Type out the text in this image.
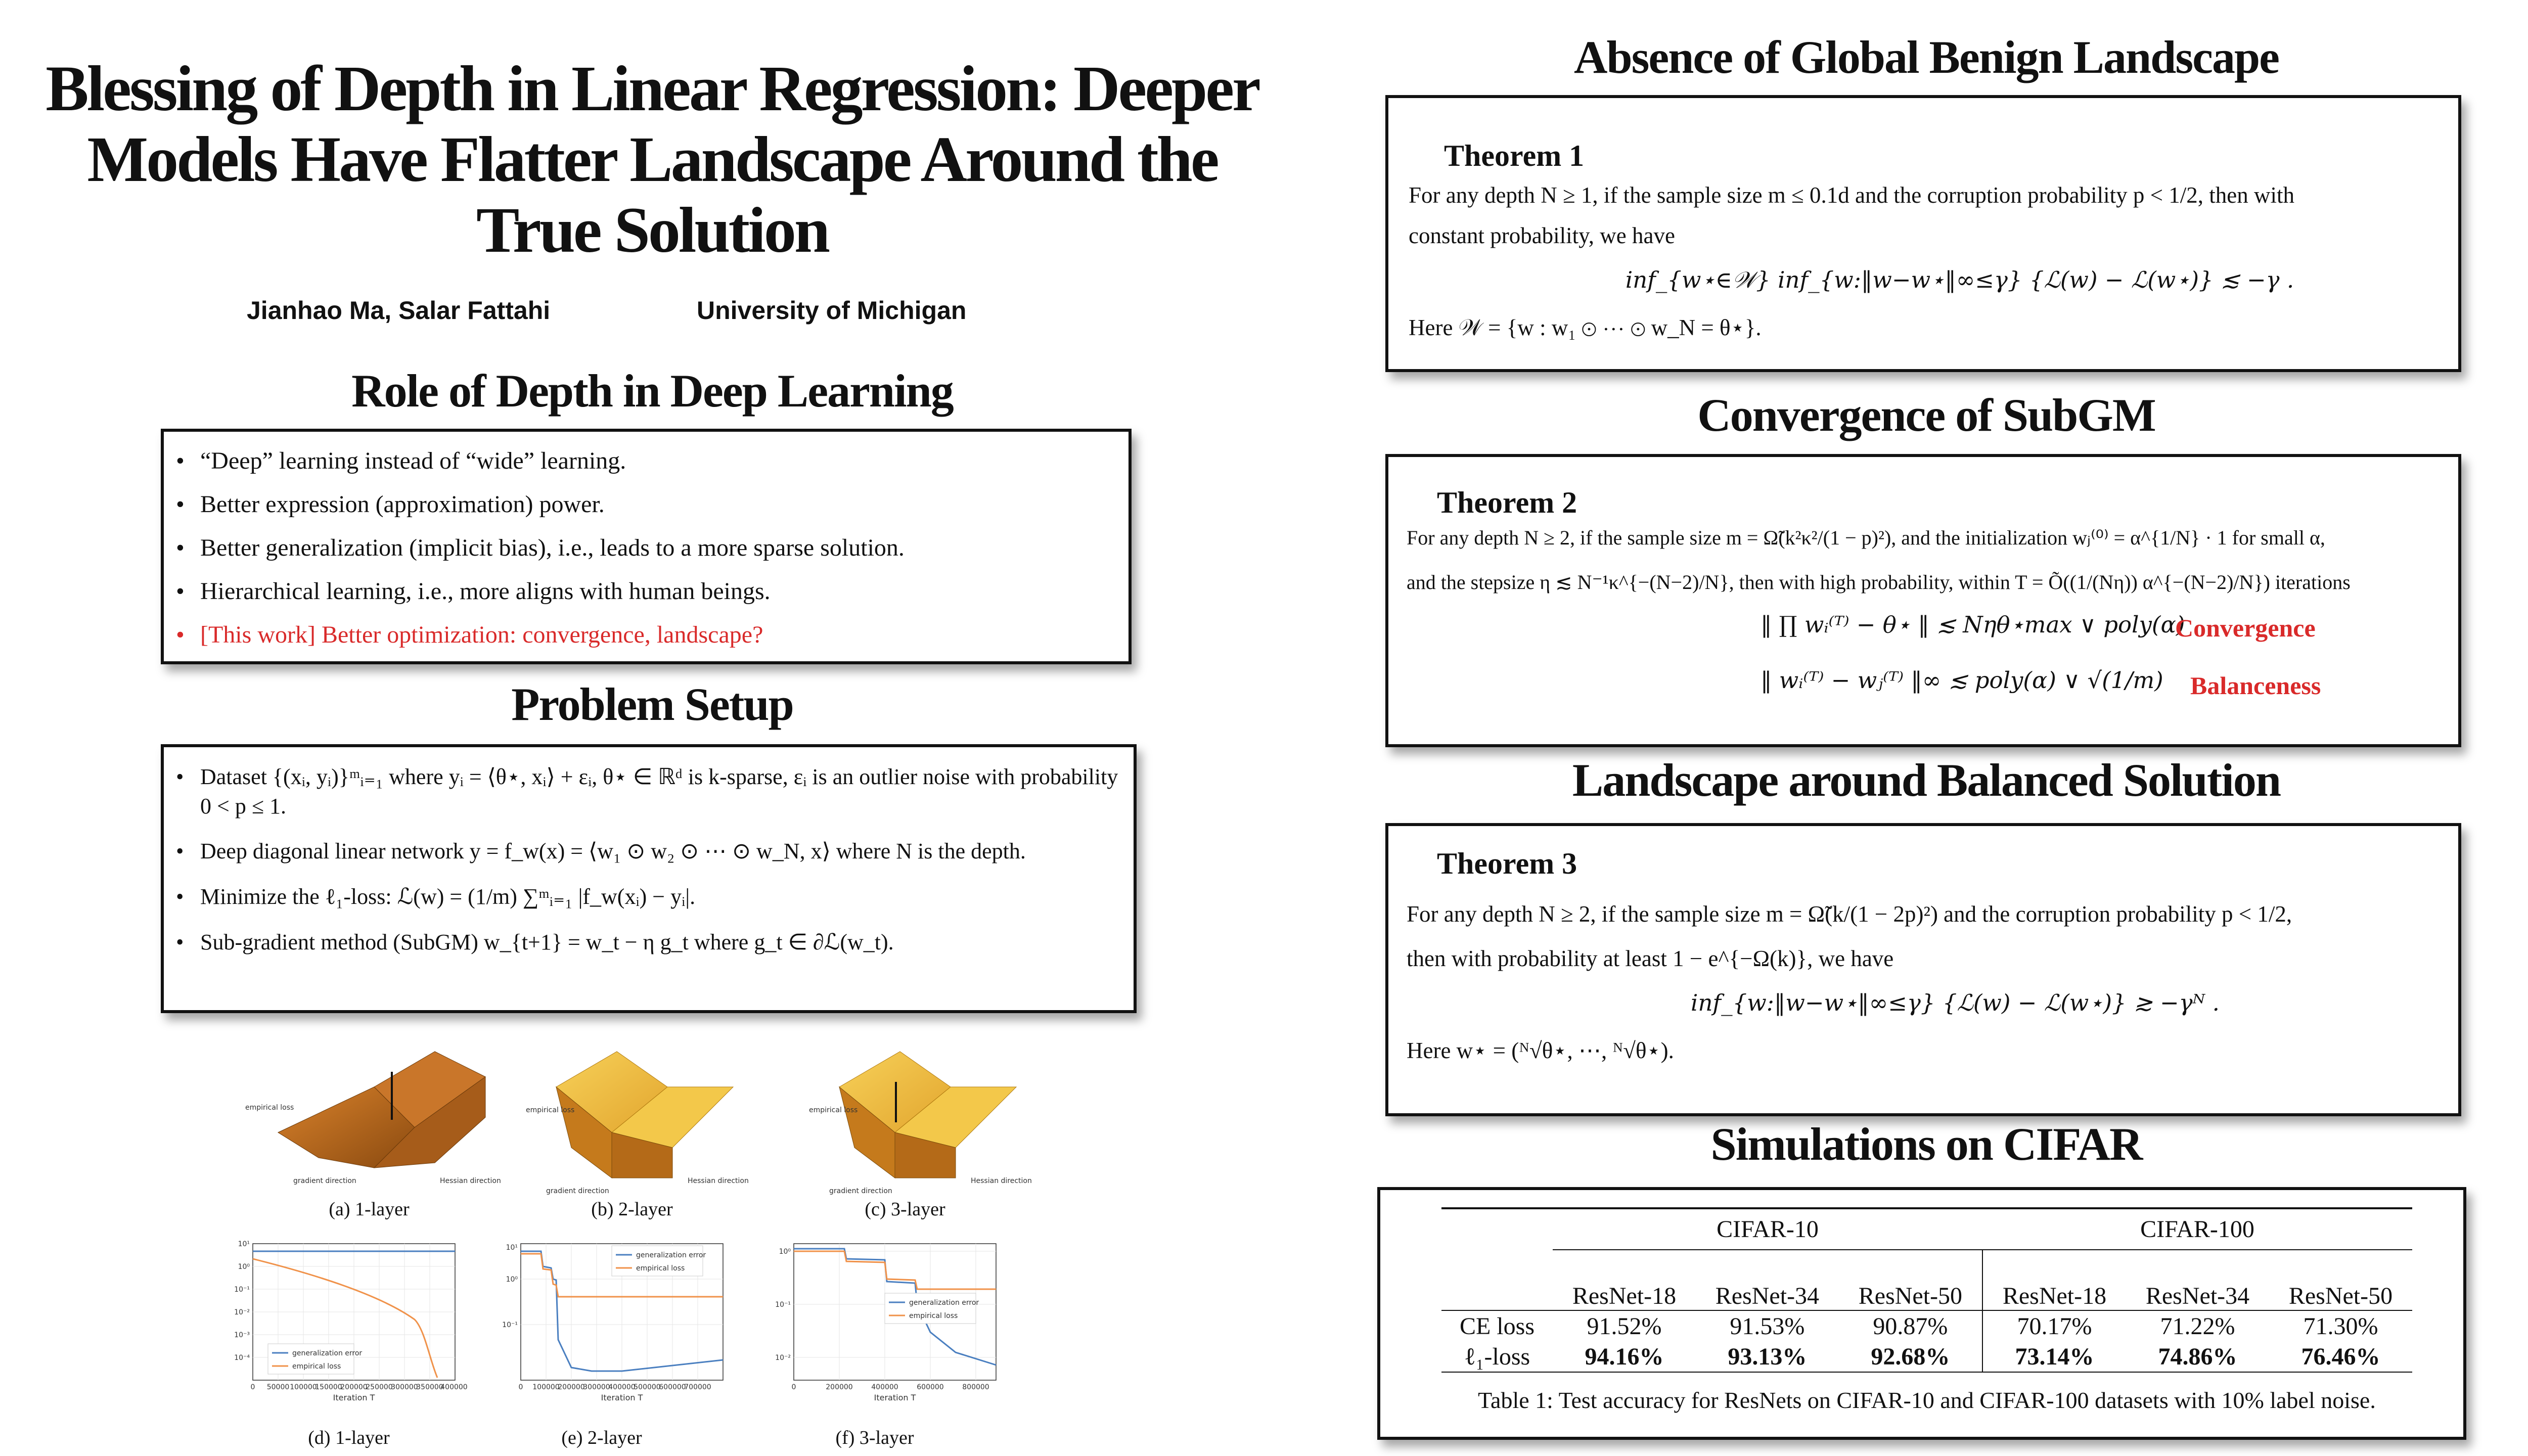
Blessing of Depth in Linear Regression: Deeper Models Have Flatter Landscape Around the True Solution
Jianhao Ma, Salar Fattahi	University of Michigan
Role of Depth in Deep Learning
• “Deep” learning instead of “wide” learning.
• Better expression (approximation) power.
• Better generalization (implicit bias), i.e., leads to a more sparse solution.
• Hierarchical learning, i.e., more aligns with human beings.
• [This work] Better optimization: convergence, landscape?
Problem Setup
• Dataset {(xᵢ, yᵢ)}ᵐᵢ₌₁ where yᵢ = ⟨θ⋆, xᵢ⟩ + εᵢ, θ⋆ ∈ ℝᵈ is k-sparse, εᵢ is an outlier noise with probability 0 < p ≤ 1.
• Deep diagonal linear network y = f_w(x) = ⟨w₁ ⊙ w₂ ⊙ ⋯ ⊙ w_N, x⟩ where N is the depth.
• Minimize the ℓ₁-loss: ℒ(w) = (1/m) ∑ᵐᵢ₌₁ |f_w(xᵢ) − yᵢ|.
• Sub-gradient method (SubGM) w_{t+1} = w_t − η g_t where g_t ∈ ∂ℒ(w_t).
empirical loss
gradient direction	Hessian direction
empirical loss
gradient direction
Hessian direction
empirical loss
gradient direction
Hessian direction
(a) 1-layer	(b) 2-layer	(c) 3-layer
generalization error
empirical loss
10¹
10⁰
10⁻¹
10⁻²
10⁻³
10⁻⁴
0 50000 100000
150000
200000
250000
300000
350000
400000
Iteration T
generalization error
empirical loss
10¹
10⁰
10⁻¹
0 100000
200000
300000
400000
500000
600000
700000
Iteration T
generalization error
empirical loss
10⁰
10⁻¹
10⁻²
0	200000	400000	600000	800000
Iteration T
(d) 1-layer	(e) 2-layer	(f) 3-layer
Absence of Global Benign Landscape
Theorem 1
For any depth N ≥ 1, if the sample size m ≤ 0.1d and the corruption probability p < 1/2, then with
constant probability, we have
inf_{w⋆∈𝒲} inf_{w:‖w−w⋆‖∞≤γ} {ℒ(w) − ℒ(w⋆)} ≲ −γ .
Here 𝒲 = {w : w₁ ⊙ ⋯ ⊙ w_N = θ⋆}.
Convergence of SubGM
Theorem 2
For any depth N ≥ 2, if the sample size m = Ω̃(k²κ²/(1 − p)²), and the initialization wⱼ⁽⁰⁾ = α^{1/N} · 1 for small α,
and the stepsize η ≲ N⁻¹κ^{−(N−2)/N}, then with high probability, within T = Õ((1/(Nη)) α^{−(N−2)/N}) iterations
‖ ∏ wᵢ⁽ᵀ⁾ − θ⋆ ‖ ≲ Nηθ⋆max ∨ poly(α)
Convergence
‖ wᵢ⁽ᵀ⁾ − wⱼ⁽ᵀ⁾ ‖∞ ≲ poly(α) ∨ √(1/m) Balanceness
Landscape around Balanced Solution
Theorem 3
For any depth N ≥ 2, if the sample size m = Ω̃(k/(1 − 2p)²) and the corruption probability p < 1/2,
then with probability at least 1 − e^{−Ω(k)}, we have
inf_{w:‖w−w⋆‖∞≤γ} {ℒ(w) − ℒ(w⋆)} ≳ −γᴺ .
Here w⋆ = (ᴺ√θ⋆, ⋯, ᴺ√θ⋆).
Simulations on CIFAR
	CIFAR-10			CIFAR-100		
	ResNet-18	ResNet-34	ResNet-50	ResNet-18	ResNet-34	ResNet-50
CE loss	91.52%	91.53%	90.87%	70.17%	71.22%	71.30%
ℓ₁-loss	94.16%	93.13%	92.68%	73.14%	74.86%	76.46%
Table 1: Test accuracy for ResNets on CIFAR-10 and CIFAR-100 datasets with 10% label noise.
